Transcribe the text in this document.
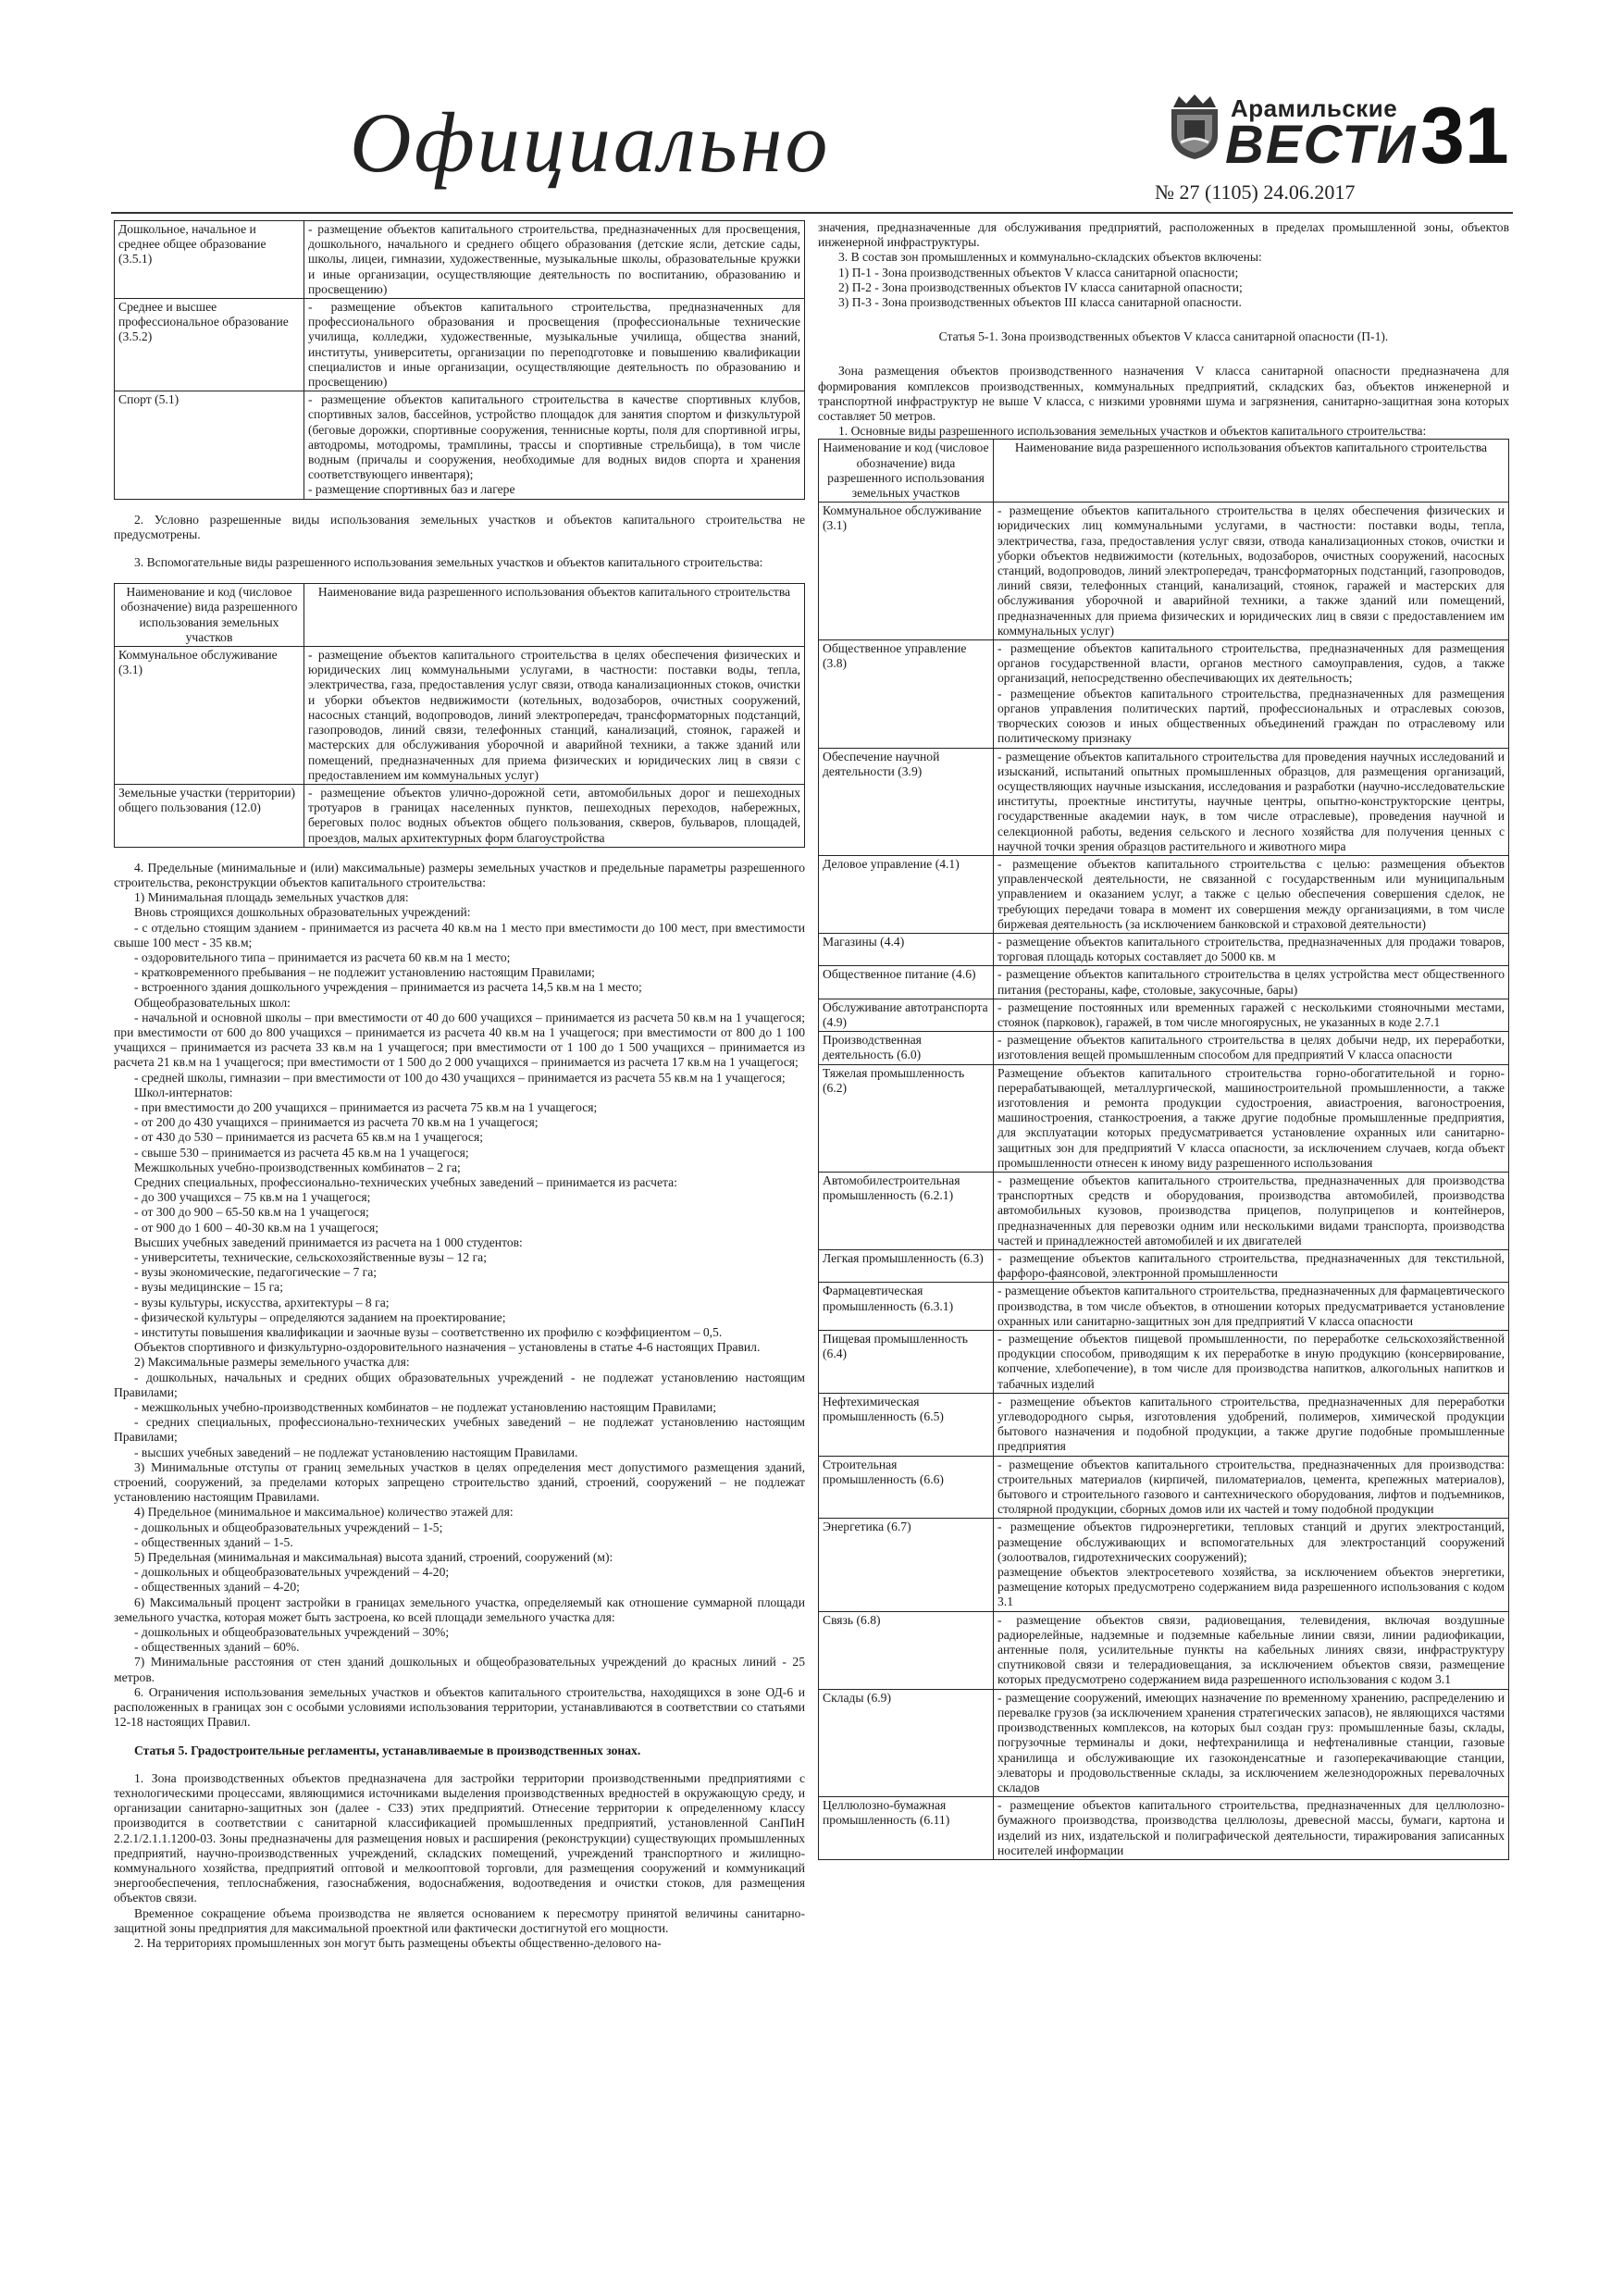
Официально	Арамильские
ВЕСТИ 31
№ 27 (1105) 24.06.2017
Дошкольное, начальное и среднее общее образование (3.5.1)	- размещение объектов капитального строительства, предназначенных для просвещения, дошкольного, начального и среднего общего образования (детские ясли, детские сады, школы, лицеи, гимназии, художественные, музыкальные школы, образовательные кружки и иные организации, осуществляющие деятельность по воспитанию, образованию и просвещению)

Среднее и высшее профессиональное образование (3.5.2)	- размещение объектов капитального строительства, предназначенных для профессионального образования и просвещения (профессиональные технические училища, колледжи, художественные, музыкальные училища, общества знаний, институты, университеты, организации по переподготовке и повышению квалификации специалистов и иные организации, осуществляющие деятельность по образованию и просвещению)

Спорт (5.1)	- размещение объектов капитального строительства в качестве спортивных клубов, спортивных залов, бассейнов, устройство площадок для занятия спортом и физкультурой (беговые дорожки, спортивные сооружения, теннисные корты, поля для спортивной игры, автодромы, мотодромы, трамплины, трассы и спортивные стрельбища), в том числе водным (причалы и сооружения, необходимые для водных видов спорта и хранения соответствующего инвентаря);
- размещение спортивных баз и лагере

2. Условно разрешенные виды использования земельных участков и объектов капитального строительства не предусмотрены.

3. Вспомогательные виды разрешенного использования земельных участков и объектов капитального строительства:

Наименование и код (числовое обозначение) вида разрешенного использования земельных участков	Наименование вида разрешенного использования объектов капитального строительства
Коммунальное обслуживание (3.1)	- размещение объектов капитального строительства в целях обеспечения физических и юридических лиц коммунальными услугами, в частности: поставки воды, тепла, электричества, газа, предоставления услуг связи, отвода канализационных стоков, очистки и уборки объектов недвижимости (котельных, водозаборов, очистных сооружений, насосных станций, водопроводов, линий электропередач, трансформаторных подстанций, газопроводов, линий связи, телефонных станций, канализаций, стоянок, гаражей и мастерских для обслуживания уборочной и аварийной техники, а также зданий или помещений, предназначенных для приема физических и юридических лиц в связи с предоставлением им коммунальных услуг)

Земельные участки (территории) общего пользования (12.0)	- размещение объектов улично-дорожной сети, автомобильных дорог и пешеходных тротуаров в границах населенных пунктов, пешеходных переходов, набережных, береговых полос водных объектов общего пользования, скверов, бульваров, площадей, проездов, малых архитектурных форм благоустройства

4. Предельные (минимальные и (или) максимальные) размеры земельных участков и предельные параметры разрешенного строительства, реконструкции объектов капитального строительства:

1) Минимальная площадь земельных участков для:

Вновь строящихся дошкольных образовательных учреждений:

- с отдельно стоящим зданием - принимается из расчета 40 кв.м на 1 место при вместимости до 100 мест, при вместимости свыше 100 мест - 35 кв.м;

- оздоровительного типа – принимается из расчета 60 кв.м на 1 место;

- кратковременного пребывания – не подлежит установлению настоящим Правилами;

- встроенного здания дошкольного учреждения – принимается из расчета 14,5 кв.м на 1 место;

Общеобразовательных школ:

- начальной и основной школы – при вместимости от 40 до 600 учащихся – принимается из расчета 50 кв.м на 1 учащегося; при вместимости от 600 до 800 учащихся – принимается из расчета 40 кв.м на 1 учащегося; при вместимости от 800 до 1 100 учащихся – принимается из расчета 33 кв.м на 1 учащегося; при вместимости от 1 100 до 1 500 учащихся – принимается из расчета 21 кв.м на 1 учащегося; при вместимости от 1 500 до 2 000 учащихся – принимается из расчета 17 кв.м на 1 учащегося;

- средней школы, гимназии – при вместимости от 100 до 430 учащихся – принимается из расчета 55 кв.м на 1 учащегося;

Школ-интернатов:

- при вместимости до 200 учащихся – принимается из расчета 75 кв.м на 1 учащегося;

- от 200 до 430 учащихся – принимается из расчета 70 кв.м на 1 учащегося;

- от 430 до 530 – принимается из расчета 65 кв.м на 1 учащегося;

- свыше 530 – принимается из расчета 45 кв.м на 1 учащегося;

Межшкольных учебно-производственных комбинатов – 2 га;

Средних специальных, профессионально-технических учебных заведений – принимается из расчета:

- до 300 учащихся – 75 кв.м на 1 учащегося;

- от 300 до 900 – 65-50 кв.м на 1 учащегося;

- от 900 до 1 600 – 40-30 кв.м на 1 учащегося;

Высших учебных заведений принимается из расчета на 1 000 студентов:

- университеты, технические, сельскохозяйственные вузы – 12 га;

- вузы экономические, педагогические – 7 га;

- вузы медицинские – 15 га;

- вузы культуры, искусства, архитектуры – 8 га;

- физической культуры – определяются заданием на проектирование;

- институты повышения квалификации и заочные вузы – соответственно их профилю с коэффициентом – 0,5.

Объектов спортивного и физкультурно-оздоровительного назначения – установлены в статье 4-6 настоящих Правил.

2) Максимальные размеры земельного участка для:

- дошкольных, начальных и средних общих образовательных учреждений - не подлежат установлению настоящим Правилами;

- межшкольных учебно-производственных комбинатов – не подлежат установлению настоящим Правилами;

- средних специальных, профессионально-технических учебных заведений – не подлежат установлению настоящим Правилами;

- высших учебных заведений – не подлежат установлению настоящим Правилами.

3) Минимальные отступы от границ земельных участков в целях определения мест допустимого размещения зданий, строений, сооружений, за пределами которых запрещено строительство зданий, строений, сооружений – не подлежат установлению настоящим Правилами.

4) Предельное (минимальное и максимальное) количество этажей для:

- дошкольных и общеобразовательных учреждений – 1-5;

- общественных зданий – 1-5.

5) Предельная (минимальная и максимальная) высота зданий, строений, сооружений (м):

- дошкольных и общеобразовательных учреждений – 4-20;

- общественных зданий – 4-20;

6) Максимальный процент застройки в границах земельного участка, определяемый как отношение суммарной площади земельного участка, которая может быть застроена, ко всей площади земельного участка для:

- дошкольных и общеобразовательных учреждений – 30%;

- общественных зданий – 60%.

7) Минимальные расстояния от стен зданий дошкольных и общеобразовательных учреждений до красных линий - 25 метров.

6. Ограничения использования земельных участков и объектов капитального строительства, находящихся в зоне ОД-6 и расположенных в границах зон с особыми условиями использования территории, устанавливаются в соответствии со статьями 12-18 настоящих Правил.

Статья 5. Градостроительные регламенты, устанавливаемые в производственных зонах.

1. Зона производственных объектов предназначена для застройки территории производственными предприятиями с технологическими процессами, являющимися источниками выделения производственных вредностей в окружающую среду, и организации санитарно-защитных зон (далее - СЗЗ) этих предприятий. Отнесение территории к определенному классу производится в соответствии с санитарной классификацией промышленных предприятий, установленной СанПиН 2.2.1/2.1.1.1200-03. Зоны предназначены для размещения новых и расширения (реконструкции) существующих промышленных предприятий, научно-производственных учреждений, складских помещений, учреждений транспортного и жилищно-коммунального хозяйства, предприятий оптовой и мелкооптовой торговли, для размещения сооружений и коммуникаций энергообеспечения, теплоснабжения, газоснабжения, водоснабжения, водоотведения и очистки стоков, для размещения объектов связи.

Временное сокращение объема производства не является основанием к пересмотру принятой величины санитарно-защитной зоны предприятия для максимальной проектной или фактически достигнутой его мощности.

2. На территориях промышленных зон могут быть размещены объекты общественно-делового на-

значения, предназначенные для обслуживания предприятий, расположенных в пределах промышленной зоны, объектов инженерной инфраструктуры.

3. В состав зон промышленных и коммунально-складских объектов включены:

1) П-1 - Зона производственных объектов V класса санитарной опасности;

2) П-2 - Зона производственных объектов IV класса санитарной опасности;

3) П-3 - Зона производственных объектов III класса санитарной опасности.

Статья 5-1. Зона производственных объектов V класса санитарной опасности (П-1).

Зона размещения объектов производственного назначения V класса санитарной опасности предназначена для формирования комплексов производственных, коммунальных предприятий, складских баз, объектов инженерной и транспортной инфраструктур не выше V класса, с низкими уровнями шума и загрязнения, санитарно-защитная зона которых составляет 50 метров.

1. Основные виды разрешенного использования земельных участков и объектов капитального строительства:

Наименование и код (числовое обозначение) вида разрешенного использования земельных участков	Наименование вида разрешенного использования объектов капитального строительства
Коммунальное обслуживание (3.1)	- размещение объектов капитального строительства в целях обеспечения физических и юридических лиц коммунальными услугами, в частности: поставки воды, тепла, электричества, газа, предоставления услуг связи, отвода канализационных стоков, очистки и уборки объектов недвижимости (котельных, водозаборов, очистных сооружений, насосных станций, водопроводов, линий электропередач, трансформаторных подстанций, газопроводов, линий связи, телефонных станций, канализаций, стоянок, гаражей и мастерских для обслуживания уборочной и аварийной техники, а также зданий или помещений, предназначенных для приема физических и юридических лиц в связи с предоставлением им коммунальных услуг)

Общественное управление (3.8)	- размещение объектов капитального строительства, предназначенных для размещения органов государственной власти, органов местного самоуправления, судов, а также организаций, непосредственно обеспечивающих их деятельность;
- размещение объектов капитального строительства, предназначенных для размещения органов управления политических партий, профессиональных и отраслевых союзов, творческих союзов и иных общественных объединений граждан по отраслевому или политическому признаку

Обеспечение научной деятельности (3.9)	- размещение объектов капитального строительства для проведения научных исследований и изысканий, испытаний опытных промышленных образцов, для размещения организаций, осуществляющих научные изыскания, исследования и разработки (научно-исследовательские институты, проектные институты, научные центры, опытно-конструкторские центры, государственные академии наук, в том числе отраслевые), проведения научной и селекционной работы, ведения сельского и лесного хозяйства для получения ценных с научной точки зрения образцов растительного и животного мира

Деловое управление (4.1)	- размещение объектов капитального строительства с целью: размещения объектов управленческой деятельности, не связанной с государственным или муниципальным управлением и оказанием услуг, а также с целью обеспечения совершения сделок, не требующих передачи товара в момент их совершения между организациями, в том числе биржевая деятельность (за исключением банковской и страховой деятельности)

Магазины (4.4)	- размещение объектов капитального строительства, предназначенных для продажи товаров, торговая площадь которых составляет до 5000 кв. м

Общественное питание (4.6)	- размещение объектов капитального строительства в целях устройства мест общественного питания (рестораны, кафе, столовые, закусочные, бары)

Обслуживание автотранспорта (4.9)	- размещение постоянных или временных гаражей с несколькими стояночными местами, стоянок (парковок), гаражей, в том числе многоярусных, не указанных в коде 2.7.1

Производственная деятельность (6.0)	- размещение объектов капитального строительства в целях добычи недр, их переработки, изготовления вещей промышленным способом для предприятий V класса опасности

Тяжелая промышленность (6.2)	Размещение объектов капитального строительства горно-обогатительной и горно-перерабатывающей, металлургической, машиностроительной промышленности, а также изготовления и ремонта продукции судостроения, авиастроения, вагоностроения, машиностроения, станкостроения, а также другие подобные промышленные предприятия, для эксплуатации которых предусматривается установление охранных или санитарно-защитных зон для предприятий V класса опасности, за исключением случаев, когда объект промышленности отнесен к иному виду разрешенного использования

Автомобилестроительная промышленность (6.2.1)	- размещение объектов капитального строительства, предназначенных для производства транспортных средств и оборудования, производства автомобилей, производства автомобильных кузовов, производства прицепов, полуприцепов и контейнеров, предназначенных для перевозки одним или несколькими видами транспорта, производства частей и принадлежностей автомобилей и их двигателей

Легкая промышленность (6.3)	- размещение объектов капитального строительства, предназначенных для текстильной, фарфоро-фаянсовой, электронной промышленности

Фармацевтическая промышленность (6.3.1)	- размещение объектов капитального строительства, предназначенных для фармацевтического производства, в том числе объектов, в отношении которых предусматривается установление охранных или санитарно-защитных зон для предприятий V класса опасности

Пищевая промышленность (6.4)	- размещение объектов пищевой промышленности, по переработке сельскохозяйственной продукции способом, приводящим к их переработке в иную продукцию (консервирование, копчение, хлебопечение), в том числе для производства напитков, алкогольных напитков и табачных изделий

Нефтехимическая промышленность (6.5)	- размещение объектов капитального строительства, предназначенных для переработки углеводородного сырья, изготовления удобрений, полимеров, химической продукции бытового назначения и подобной продукции, а также другие подобные промышленные предприятия

Строительная промышленность (6.6)	- размещение объектов капитального строительства, предназначенных для производства: строительных материалов (кирпичей, пиломатериалов, цемента, крепежных материалов), бытового и строительного газового и сантехнического оборудования, лифтов и подъемников, столярной продукции, сборных домов или их частей и тому подобной продукции

Энергетика (6.7)	- размещение объектов гидроэнергетики, тепловых станций и других электростанций, размещение обслуживающих и вспомогательных для электростанций сооружений (золоотвалов, гидротехнических сооружений);
размещение объектов электросетевого хозяйства, за исключением объектов энергетики, размещение которых предусмотрено содержанием вида разрешенного использования с кодом 3.1

Связь (6.8)	- размещение объектов связи, радиовещания, телевидения, включая воздушные радиорелейные, надземные и подземные кабельные линии связи, линии радиофикации, антенные поля, усилительные пункты на кабельных линиях связи, инфраструктуру спутниковой связи и телерадиовещания, за исключением объектов связи, размещение которых предусмотрено содержанием вида разрешенного использования с кодом 3.1

Склады (6.9)	- размещение сооружений, имеющих назначение по временному хранению, распределению и перевалке грузов (за исключением хранения стратегических запасов), не являющихся частями производственных комплексов, на которых был создан груз: промышленные базы, склады, погрузочные терминалы и доки, нефтехранилища и нефтеналивные станции, газовые хранилища и обслуживающие их газоконденсатные и газоперекачивающие станции, элеваторы и продовольственные склады, за исключением железнодорожных перевалочных складов

Целлюлозно-бумажная промышленность (6.11)	- размещение объектов капитального строительства, предназначенных для целлюлозно-бумажного производства, производства целлюлозы, древесной массы, бумаги, картона и изделий из них, издательской и полиграфической деятельности, тиражирования записанных носителей информации
